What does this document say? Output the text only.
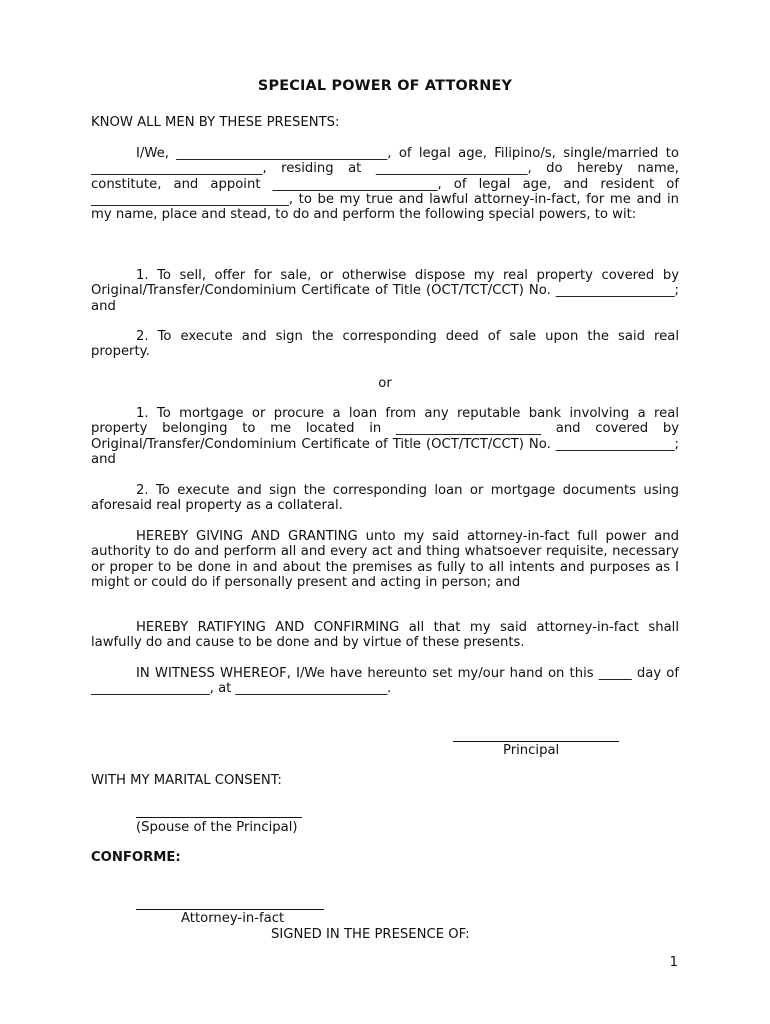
SPECIAL POWER OF ATTORNEY
KNOW ALL MEN BY THESE PRESENTS:
I/We, ________________________________, of legal age, Filipino/s, single/married to __________________________, residing at _______________________, do hereby name, constitute, and appoint _________________________, of legal age, and resident of ______________________________, to be my true and lawful attorney-in-fact, for me and in my name, place and stead, to do and perform the following special powers, to wit:
1. To sell, offer for sale, or otherwise dispose my real property covered by Original/Transfer/Condominium Certificate of Title (OCT/TCT/CCT) No. __________________; and
2. To execute and sign the corresponding deed of sale upon the said real property.
or
1. To mortgage or procure a loan from any reputable bank involving a real property belonging to me located in ______________________ and covered by Original/Transfer/Condominium Certificate of Title (OCT/TCT/CCT) No. __________________; and
2. To execute and sign the corresponding loan or mortgage documents using aforesaid real property as a collateral.
HEREBY GIVING AND GRANTING unto my said attorney-in-fact full power and authority to do and perform all and every act and thing whatsoever requisite, necessary or proper to be done in and about the premises as fully to all intents and purposes as I might or could do if personally present and acting in person; and
HEREBY RATIFYING AND CONFIRMING all that my said attorney-in-fact shall lawfully do and cause to be done and by virtue of these presents.
IN WITNESS WHEREOF, I/We have hereunto set my/our hand on this _____ day of __________________, at _______________________.
Principal
WITH MY MARITAL CONSENT:
(Spouse of the Principal)
CONFORME:
Attorney-in-fact
SIGNED IN THE PRESENCE OF:
1
